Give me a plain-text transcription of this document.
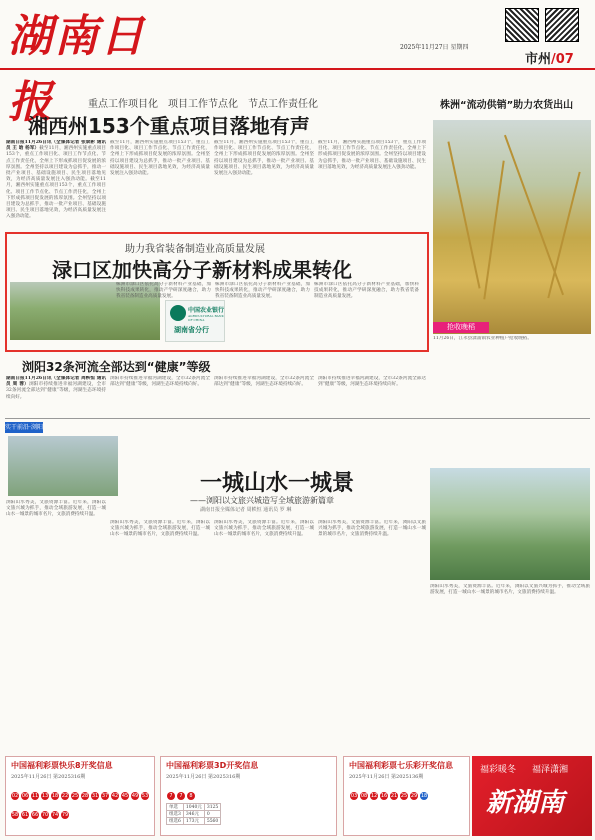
湖南日报
2025年11月27日 星期四
市州/07
重点工作项目化　项目工作节点化　节点工作责任化
湘西州153个重点项目落地有声
湖南日报11月26日讯（全媒体记者 张斌彬 通讯员 王 晗 杨军）截至11月，湘西州实施重点项目153个，重点工作项目化、项目工作节点化、节点工作责任化，全州上下形成抓项目促发展的浓厚氛围。全州坚持以项目建设为总抓手，推动一批产业项目、基础设施项目、民生项目落地见效，为经济高质量发展注入强劲动能。截至11月，湘西州实施重点项目153个，重点工作项目化、项目工作节点化、节点工作责任化，全州上下形成抓项目促发展的浓厚氛围。全州坚持以项目建设为总抓手，推动一批产业项目、基础设施项目、民生项目落地见效，为经济高质量发展注入强劲动能。
截至11月，湘西州实施重点项目153个，重点工作项目化、项目工作节点化、节点工作责任化，全州上下形成抓项目促发展的浓厚氛围。全州坚持以项目建设为总抓手，推动一批产业项目、基础设施项目、民生项目落地见效，为经济高质量发展注入强劲动能。
截至11月，湘西州实施重点项目153个，重点工作项目化、项目工作节点化、节点工作责任化，全州上下形成抓项目促发展的浓厚氛围。全州坚持以项目建设为总抓手，推动一批产业项目、基础设施项目、民生项目落地见效，为经济高质量发展注入强劲动能。
截至11月，湘西州实施重点项目153个，重点工作项目化、项目工作节点化、节点工作责任化，全州上下形成抓项目促发展的浓厚氛围。全州坚持以项目建设为总抓手，推动一批产业项目、基础设施项目、民生项目落地见效，为经济高质量发展注入强劲动能。
株洲“流动供销”助力农货出山
抢收晚稻
11月26日，江永县潇浦镇农业种植户抢收晚稻。
助力我省装备制造业高质量发展
渌口区加快高分子新材料成果转化
株洲市渌口区依托高分子新材料产业基础，加快科技成果转化，推动产学研深度融合，助力我省装备制造业高质量发展。
株洲市渌口区依托高分子新材料产业基础，加快科技成果转化，推动产学研深度融合，助力我省装备制造业高质量发展。
株洲市渌口区依托高分子新材料产业基础，加快科技成果转化，推动产学研深度融合，助力我省装备制造业高质量发展。
中国农业银行
AGRICULTURAL BANK OF CHINA
湖南省分行
浏阳32条河流全部达到“健康”等级
湖南日报11月26日讯（全媒体记者 周帙恒 通讯员 周 蓉）浏阳市持续推进幸福河湖建设，全市32条河流全部达到“健康”等级，河湖生态环境持续向好。
浏阳市持续推进幸福河湖建设，全市32条河流全部达到“健康”等级，河湖生态环境持续向好。
浏阳市持续推进幸福河湖建设，全市32条河流全部达到“健康”等级，河湖生态环境持续向好。
浏阳市持续推进幸福河湖建设，全市32条河流全部达到“健康”等级，河湖生态环境持续向好。
实干前沿·浏阳
一城山水一城景
——浏阳以文旅兴城造写全域旅游新篇章
湖南日报全媒体记者 周帙恒 通讯员 罗 琳
浏阳山水秀美，文旅资源丰富。近年来，浏阳以文旅兴城为抓手，推动全域旅游发展，打造一城山水一城景的城市名片，文旅消费持续升温。
浏阳山水秀美，文旅资源丰富。近年来，浏阳以文旅兴城为抓手，推动全域旅游发展，打造一城山水一城景的城市名片，文旅消费持续升温。
浏阳山水秀美，文旅资源丰富。近年来，浏阳以文旅兴城为抓手，推动全域旅游发展，打造一城山水一城景的城市名片，文旅消费持续升温。
浏阳山水秀美，文旅资源丰富。近年来，浏阳以文旅兴城为抓手，推动全域旅游发展，打造一城山水一城景的城市名片，文旅消费持续升温。
浏阳山水秀美，文旅资源丰富。近年来，浏阳以文旅兴城为抓手，推动全域旅游发展，打造一城山水一城景的城市名片，文旅消费持续升温。
中国福利彩票快乐8开奖信息
2025年11月26日 第2025316期
02 06 11 13 18 22 25 28 31 37 42 45 49 5358 61 66 70 74 79
中国福利彩票3D开奖信息
2025年11月26日 第2025316期
7 7 8
单选	1040元	3125
组选3	346元	0
组选6	173元	5560
中国福利彩票七乐彩开奖信息
2025年11月26日 第2025136期
03 08 12 16 21 25 29 18
福彩暖冬 福泽潇湘
新湖南
